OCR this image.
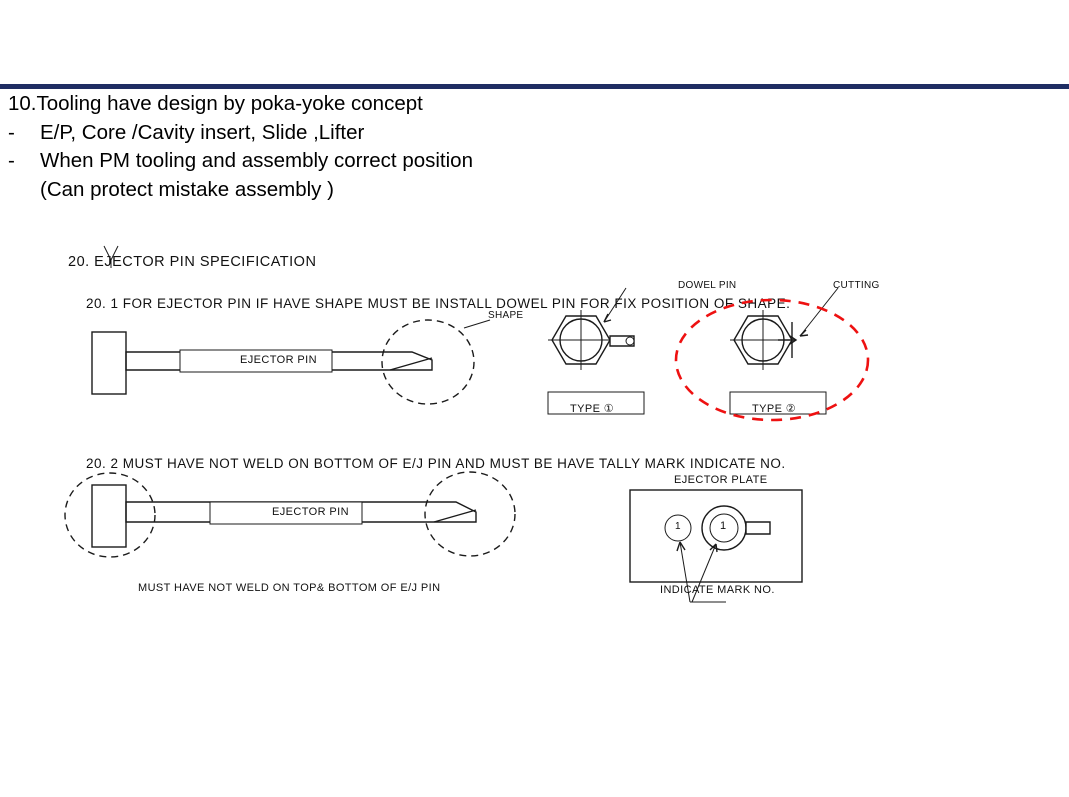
10.Tooling have design by poka-yoke concept
-	E/P, Core /Cavity insert, Slide ,Lifter
-	When PM tooling and assembly correct position
(Can protect mistake assembly )
20. EJECTOR PIN SPECIFICATION
20. 1 FOR EJECTOR PIN IF HAVE SHAPE MUST BE INSTALL DOWEL PIN FOR FIX POSITION OF SHAPE.
20. 2 MUST HAVE NOT WELD ON BOTTOM OF E/J PIN AND MUST BE HAVE TALLY MARK INDICATE NO.
SHAPE
EJECTOR PIN
DOWEL PIN	CUTTING
TYPE ①	TYPE ②
EJECTOR PIN
MUST HAVE NOT WELD ON TOP& BOTTOM OF E/J PIN
EJECTOR PLATE
INDICATE MARK NO.
1	1
